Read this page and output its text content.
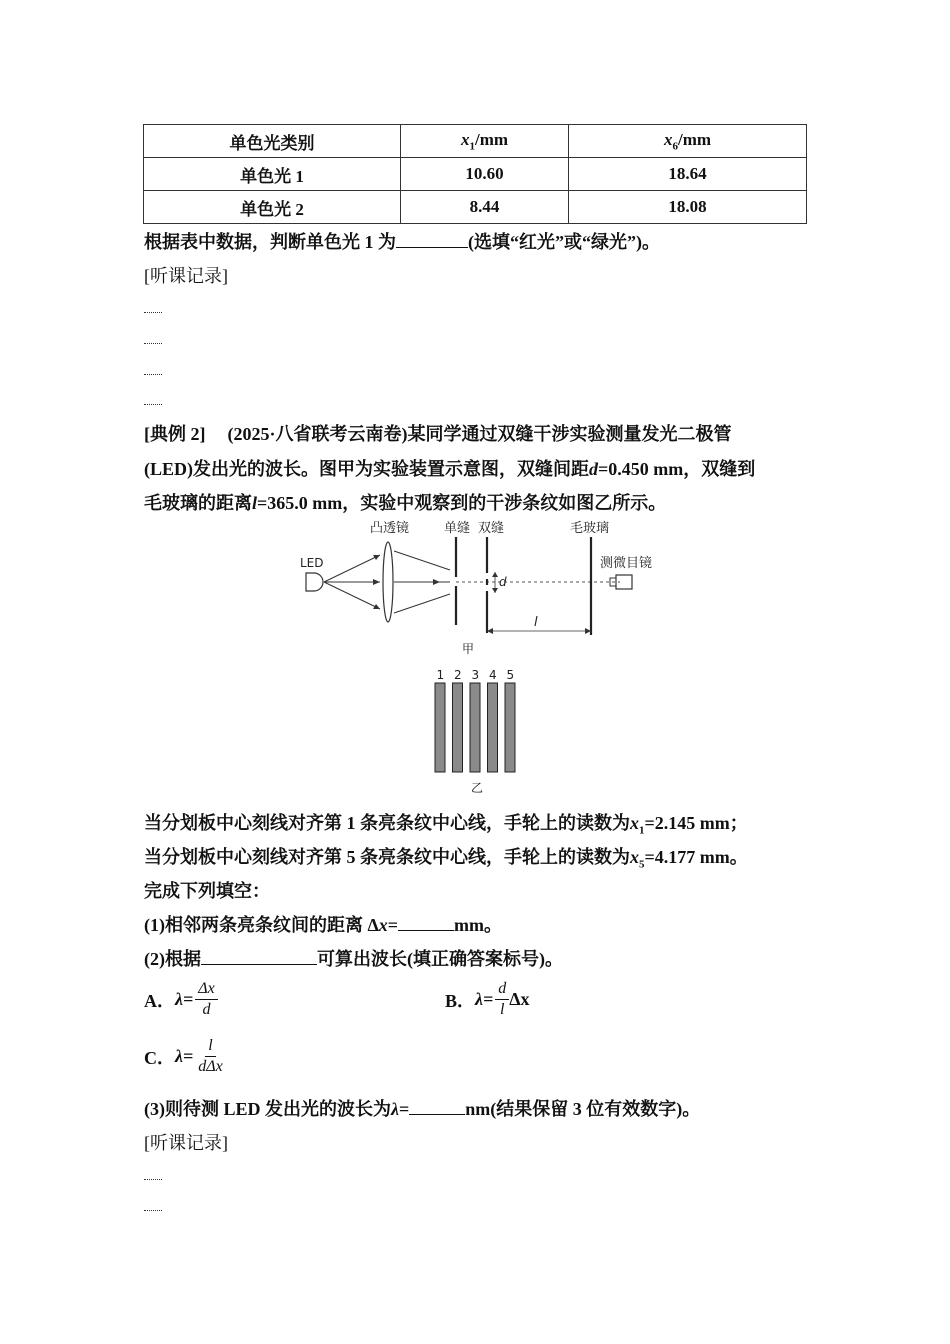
单色光类别	$x_1/mm$	$x_6/mm$
单色光 1	10.60	18.64
单色光 2	8.44	18.08
根据表中数据，判断单色光 1 为	(选填“红光”或“绿光”)。
[听课记录]
[典例 2] (2025·八省联考云南卷)某同学通过双缝干涉实验测量发光二极管
(LED)发出光的波长。图甲为实验装置示意图，双缝间距d=0.450 mm，双缝到
毛玻璃的距离l=365.0 mm，实验中观察到的干涉条纹如图乙所示。
凸透镜	单缝 双缝	毛玻璃
LED	测微目镜
d
l
甲
1 2 3 4 5
乙
当分划板中心刻线对齐第 1 条亮条纹中心线，手轮上的读数为$x_1=2.145$ mm；
当分划板中心刻线对齐第 5 条亮条纹中心线，手轮上的读数为$x_5=4.177$ mm。
完成下列填空：
(1)相邻两条亮条纹间的距离 Δx=	mm。
(2)根据	可算出波长(填正确答案标号)。
A． $\lambda= \frac{\Delta x}{d}$	B． $\lambda= \frac{d}{l}$ Δx
C． $\lambda= \frac{l}{\text{dΔx}}$
(3)则待测 LED 发出光的波长为λ=	nm(结果保留 3 位有效数字)。
[听课记录]
